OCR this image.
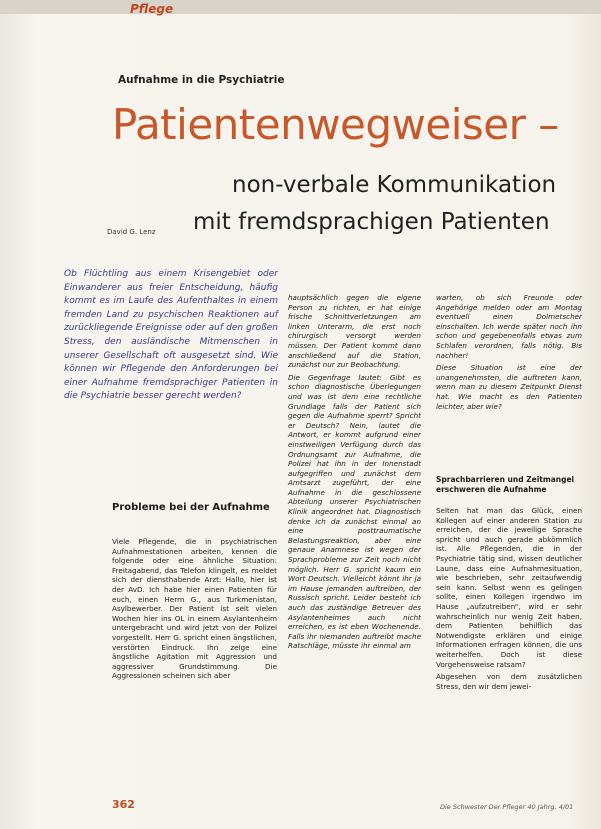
Pflege
Aufnahme in die Psychiatrie
Patientenwegweiser –
non-verbale Kommunikation
mit fremdsprachigen Patienten
David G. Lenz

Ob Flüchtling aus einem Krisengebiet oder Einwanderer aus freier Entscheidung, häufig kommt es im Laufe des Aufenthaltes in einem fremden Land zu psychischen Reaktionen auf zurückliegende Ereignisse oder auf den großen Stress, den ausländische Mitmenschen in unserer Gesellschaft oft ausgesetzt sind. Wie können wir Pflegende den Anforderungen bei einer Aufnahme fremdsprachiger Patienten in die Psychiatrie besser gerecht werden?

Probleme bei der Aufnahme

Viele Pflegende, die in psychiatrischen Aufnahmestationen arbeiten, kennen die folgende oder eine ähnliche Situation: Freitagabend, das Telefon klingelt, es meldet sich der diensthabende Arzt: Hallo, hier ist der AvD. Ich habe hier einen Patienten für euch, einen Herrn G., aus Turkmenistan, Asylbewerber. Der Patient ist seit vielen Wochen hier ins OL in einem Asylantenheim untergebracht und wird jetzt von der Polizei vorgestellt. Herr G. spricht einen ängstlichen, verstörten Eindruck. Ihn zeige eine ängstliche Agitation mit Aggression und aggressiver Grundstimmung. Die Aggressionen scheinen sich aber

hauptsächlich gegen die eigene Person zu richten, er hat einige frische Schnittverletzungen am linken Unterarm, die erst noch chirurgisch versorgt werden müssen. Der Patient kommt dann anschließend auf die Station, zunächst nur zur Beobachtung.

Die Gegenfrage lautet: Gibt es schon diagnostische Überlegungen und was ist dem eine rechtliche Grundlage falls der Patient sich gegen die Aufnahme sperrt? Spricht er Deutsch? Nein, lautet die Antwort, er kommt aufgrund einer einstweiligen Verfügung durch das Ordnungsamt zur Aufnahme, die Polizei hat ihn in der Innenstadt aufgegriffen und zunächst dem Amtsarzt zugeführt, der eine Aufnahme in die geschlossene Abteilung unserer Psychiatrischen Klinik angeordnet hat. Diagnostisch denke ich da zunächst einmal an eine posttraumatische Belastungsreaktion, aber eine genaue Anamnese ist wegen der Sprachprobleme zur Zeit noch nicht möglich. Herr G. spricht kaum ein Wort Deutsch. Vielleicht könnt ihr ja im Hause jemanden auftreiben, der Russisch spricht. Leider besteht ich auch das zuständige Betreuer des Asylantenheimes auch nicht erreichen, es ist eben Wochenende. Falls ihr niemanden auftreibt mache Ratschläge, müsste ihr einmal am

warten, ob sich Freunde oder Angehörige melden oder am Montag eventuell einen Dolmetscher einschalten. Ich werde später noch ihn schon und gegebenenfalls etwas zum Schlafen verordnen, falls nötig. Bis nachher!

Diese Situation ist eine der unangenehmsten, die auftreten kann, wenn man zu diesem Zeitpunkt Dienst hat. Wie macht es den Patienten leichter, aber wie?

Sprachbarrieren und Zeitmangel erschweren die Aufnahme

Selten hat man das Glück, einen Kollegen auf einer anderen Station zu erreichen, der die jeweilige Sprache spricht und auch gerade abkömmlich ist. Alle Pflegenden, die in der Psychiatrie tätig sind, wissen deutlicher Laune, dass eine Aufnahmesituation, wie beschrieben, sehr zeitaufwendig sein kann. Selbst wenn es gelingen sollte, einen Kollegen irgendwo im Hause „aufzutreiben“, wird er sehr wahrscheinlich nur wenig Zeit haben, dem Patienten behilflich das Notwendigste erklären und einige Informationen erfragen können, die uns weiterhelfen. Doch ist diese Vorgehensweise ratsam?

Abgesehen von dem zusätzlichen Stress, den wir dem jewei-

362	Die Schwester Der Pfleger 40 Jahrg. 4/01
